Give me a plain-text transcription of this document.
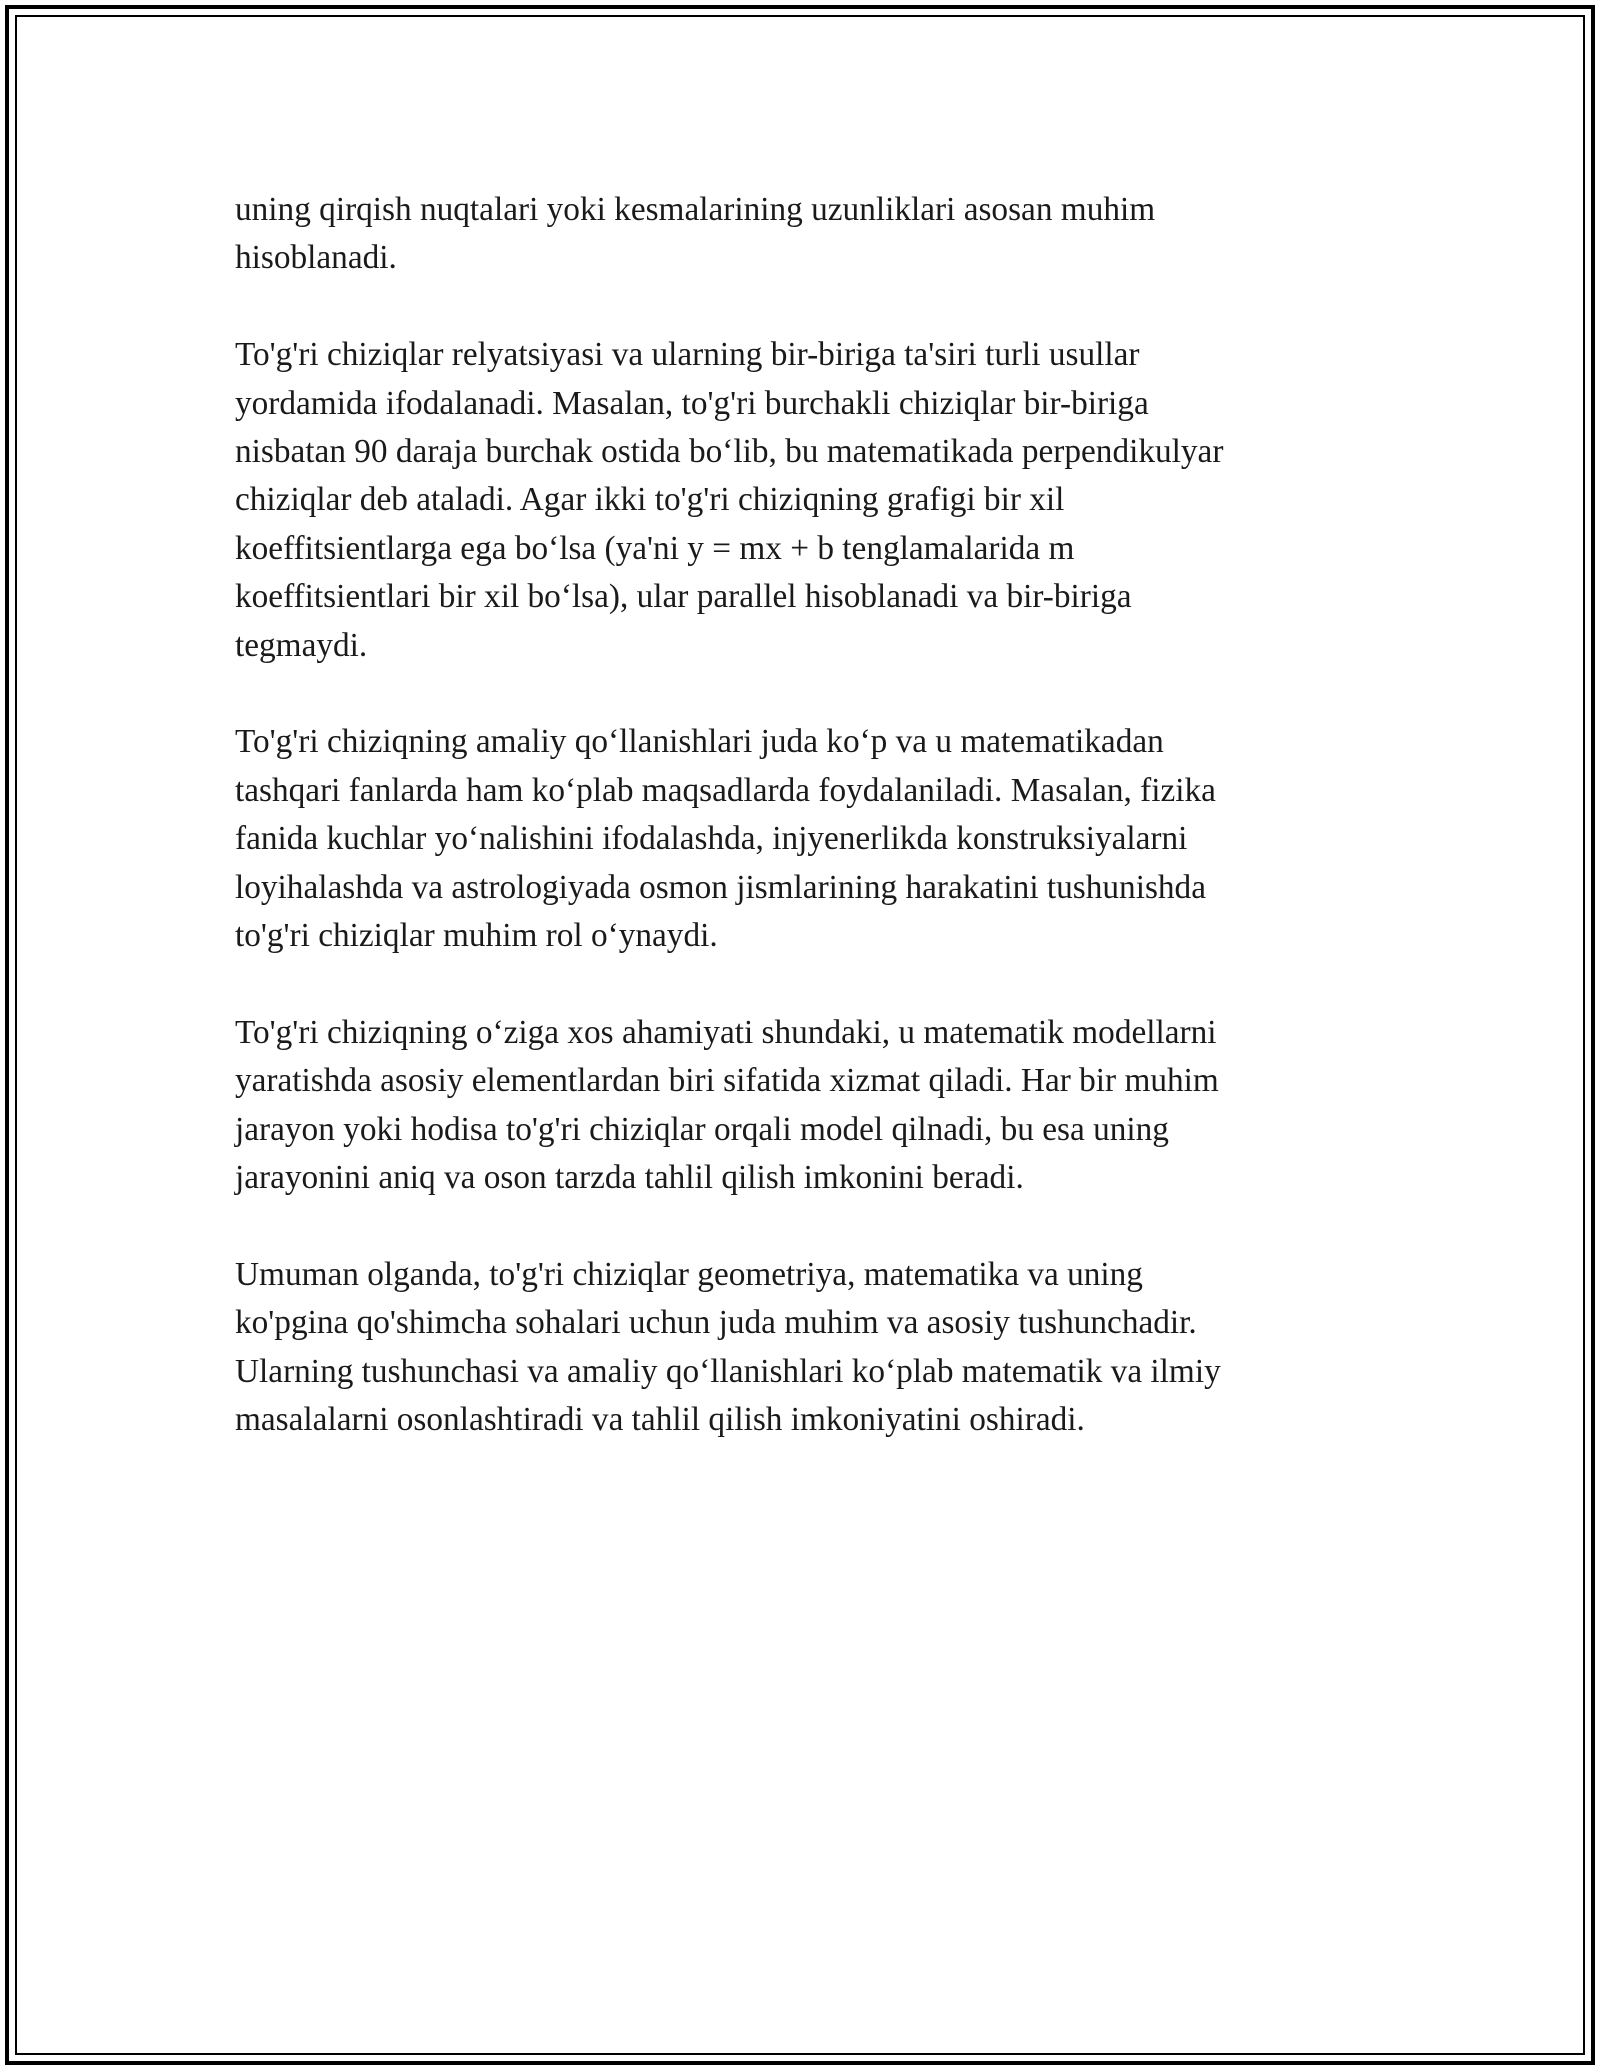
uning qirqish nuqtalari yoki kesmalarining uzunliklari asosan muhim
hisoblanadi.

To'g'ri chiziqlar relyatsiyasi va ularning bir-biriga ta'siri turli usullar
yordamida ifodalanadi. Masalan, to'g'ri burchakli chiziqlar bir-biriga
nisbatan 90 daraja burchak ostida bo‘lib, bu matematikada perpendikulyar
chiziqlar deb ataladi. Agar ikki to'g'ri chiziqning grafigi bir xil
koeffitsientlarga ega bo‘lsa (ya'ni y = mx + b tenglamalarida m
koeffitsientlari bir xil bo‘lsa), ular parallel hisoblanadi va bir-biriga
tegmaydi.

To'g'ri chiziqning amaliy qo‘llanishlari juda ko‘p va u matematikadan
tashqari fanlarda ham ko‘plab maqsadlarda foydalaniladi. Masalan, fizika
fanida kuchlar yo‘nalishini ifodalashda, injyenerlikda konstruksiyalarni
loyihalashda va astrologiyada osmon jismlarining harakatini tushunishda
to'g'ri chiziqlar muhim rol o‘ynaydi.

To'g'ri chiziqning o‘ziga xos ahamiyati shundaki, u matematik modellarni
yaratishda asosiy elementlardan biri sifatida xizmat qiladi. Har bir muhim
jarayon yoki hodisa to'g'ri chiziqlar orqali model qilnadi, bu esa uning
jarayonini aniq va oson tarzda tahlil qilish imkonini beradi.

Umuman olganda, to'g'ri chiziqlar geometriya, matematika va uning
ko'pgina qo'shimcha sohalari uchun juda muhim va asosiy tushunchadir.
Ularning tushunchasi va amaliy qo‘llanishlari ko‘plab matematik va ilmiy
masalalarni osonlashtiradi va tahlil qilish imkoniyatini oshiradi.
